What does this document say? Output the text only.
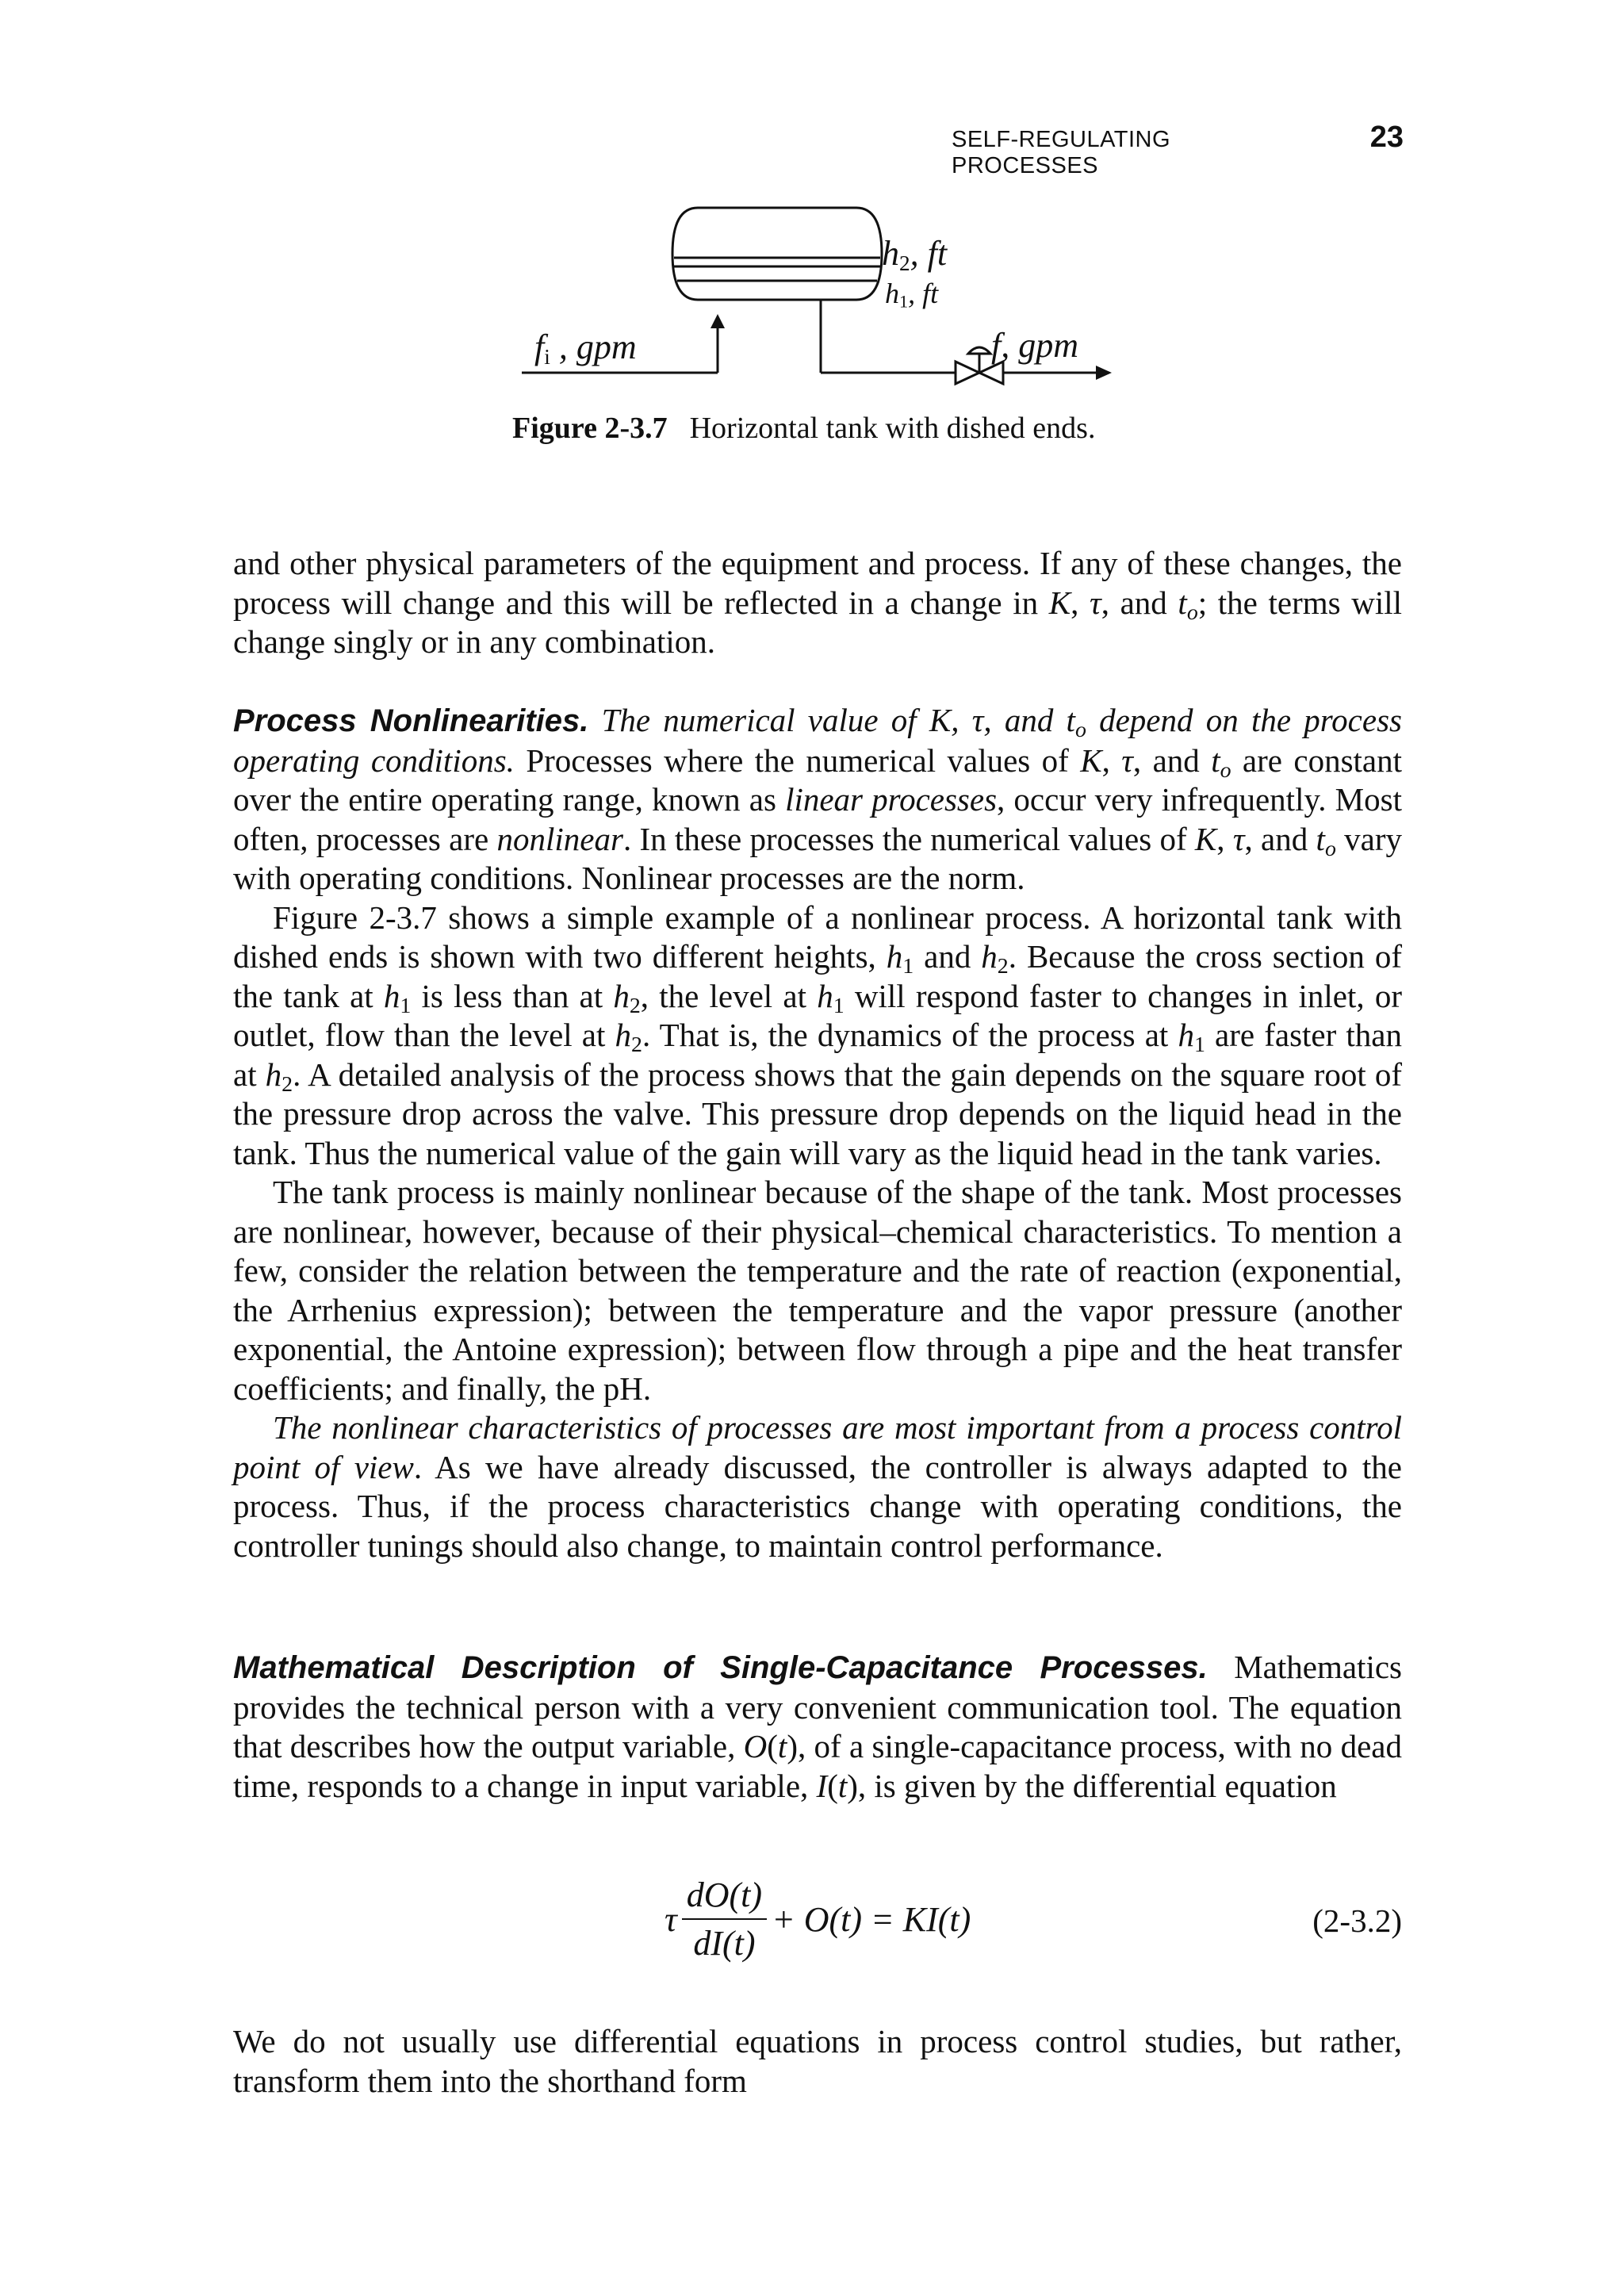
SELF-REGULATING PROCESSES
23
$h_2$, ft
$h_1$, ft
$f_i$ , gpm	f, gpm
Figure 2-3.7 Horizontal tank with dished ends.

and other physical parameters of the equipment and process. If any of these changes, the process will change and this will be reflected in a change in K, τ, and $t_o$; the terms will change singly or in any combination.

Process Nonlinearities. The numerical value of K, τ, and $t_o$ depend on the process operating conditions. Processes where the numerical values of K, τ, and $t_o$ are constant over the entire operating range, known as linear processes, occur very infrequently. Most often, processes are nonlinear. In these processes the numerical values of K, τ, and $t_o$ vary with operating conditions. Nonlinear processes are the norm.

Figure 2-3.7 shows a simple example of a nonlinear process. A horizontal tank with dished ends is shown with two different heights, $h_1$ and $h_2$. Because the cross section of the tank at $h_1$ is less than at $h_2$, the level at $h_1$ will respond faster to changes in inlet, or outlet, flow than the level at $h_2$. That is, the dynamics of the process at $h_1$ are faster than at $h_2$. A detailed analysis of the process shows that the gain depends on the square root of the pressure drop across the valve. This pressure drop depends on the liquid head in the tank. Thus the numerical value of the gain will vary as the liquid head in the tank varies.

The tank process is mainly nonlinear because of the shape of the tank. Most processes are nonlinear, however, because of their physical–chemical characteristics. To mention a few, consider the relation between the temperature and the rate of reaction (exponential, the Arrhenius expression); between the temperature and the vapor pressure (another exponential, the Antoine expression); between flow through a pipe and the heat transfer coefficients; and finally, the pH.

The nonlinear characteristics of processes are most important from a process control point of view. As we have already discussed, the controller is always adapted to the process. Thus, if the process characteristics change with operating conditions, the controller tunings should also change, to maintain control performance.

Mathematical Description of Single-Capacitance Processes. Mathematics provides the technical person with a very convenient communication tool. The equation that describes how the output variable, O(t), of a single-capacitance process, with no dead time, responds to a change in input variable, I(t), is given by the differential equation

τ $\frac{dO(t)}{dI(t)} + O(t) = KI(t)$	(2-3.2)

We do not usually use differential equations in process control studies, but rather, transform them into the shorthand form
